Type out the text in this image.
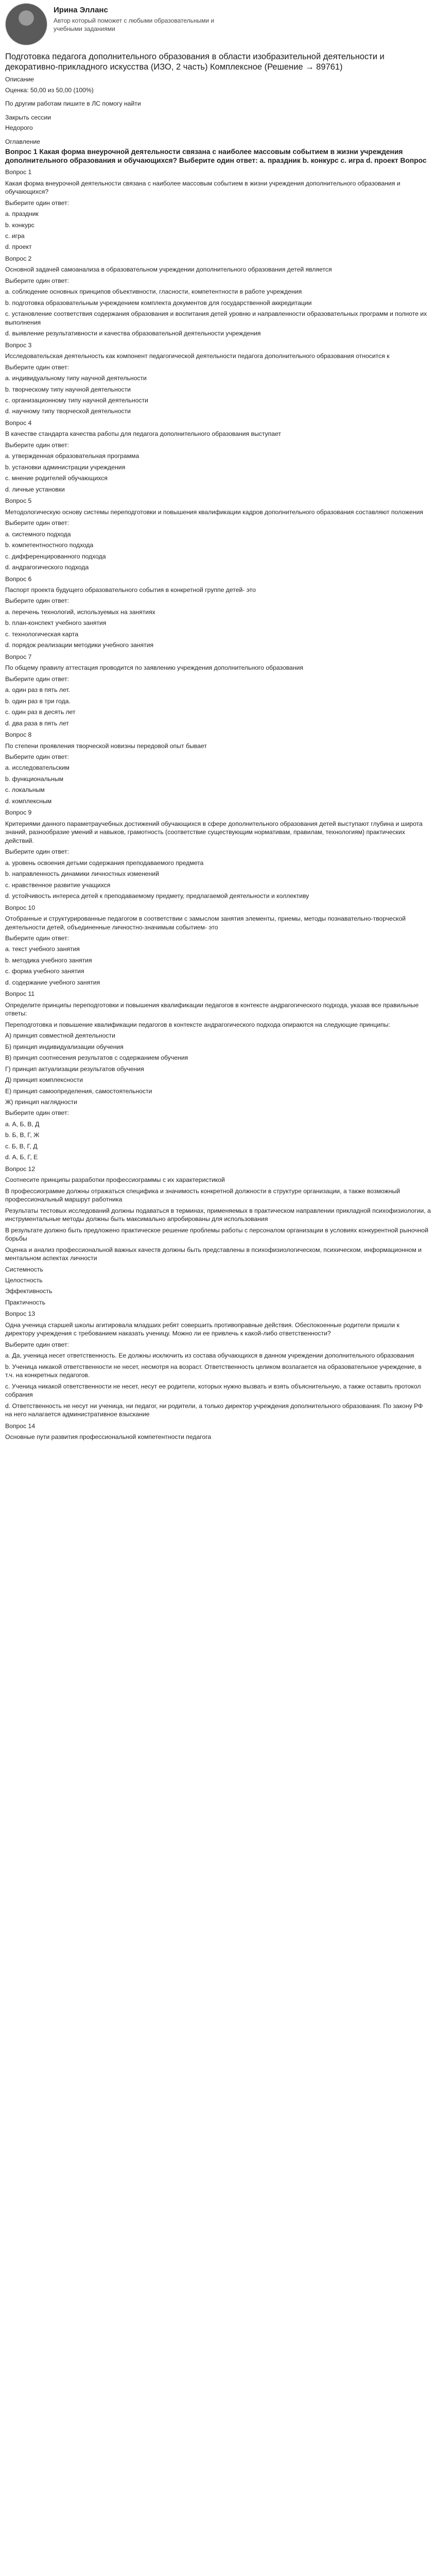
Ирина Элланс
Автор который поможет с любыми образовательными и учебными заданиями
Подготовка педагога дополнительного образования в области изобразительной деятельности и декоративно-прикладного искусства (ИЗО, 2 часть) Комплексное (Решение → 89761)
Описание
Оценка: 50,00 из 50,00 (100%)
По другим работам пишите в ЛС помогу найти
Закрыть сессии
Недорого
Оглавление
Вопрос 1 Какая форма внеурочной деятельности связана с наиболее массовым событием в жизни учреждения дополнительного образования и обучающихся? Выберите один ответ: a. праздник b. конкурс c. игра d. проект Вопрос
Вопрос 1
Какая форма внеурочной деятельности связана с наиболее массовым событием в жизни учреждения дополнительного образования и обучающихся?
Выберите один ответ:
a. праздник
b. конкурс
c. игра
d. проект
Вопрос 2
Основной задачей самоанализа в образовательном учреждении дополнительного образования детей является
Выберите один ответ:
a. соблюдение основных принципов объективности, гласности, компетентности в работе учреждения
b. подготовка образовательным учреждением комплекта документов для государственной аккредитации
c. установление соответствия содержания образования и воспитания детей уровню и направленности образовательных программ и полноте их выполнения
d. выявление результативности и качества образовательной деятельности учреждения
Вопрос 3
Исследовательская деятельность как компонент педагогической деятельности педагога дополнительного образования относится к
Выберите один ответ:
a. индивидуальному типу научной деятельности
b. творческому типу научной деятельности
c. организационному типу научной деятельности
d. научному типу творческой деятельности
Вопрос 4
В качестве стандарта качества работы для педагога дополнительного образования выступает
Выберите один ответ:
a. утвержденная образовательная программа
b. установки администрации учреждения
c. мнение родителей обучающихся
d. личные установки
Вопрос 5
Методологическую основу системы переподготовки и повышения квалификации кадров дополнительного образования составляют положения
Выберите один ответ:
a. системного подхода
b. компетентностного подхода
c. дифференцированного подхода
d. андрагогического подхода
Вопрос 6
Паспорт проекта будущего образовательного события в конкретной группе детей- это
Выберите один ответ:
a. перечень технологий, используемых на занятиях
b. план-конспект учебного занятия
c. технологическая карта
d. порядок реализации методики учебного занятия
Вопрос 7
По общему правилу аттестация проводится по заявлению учреждения дополнительного образования
Выберите один ответ:
a. один раз в пять лет.
b. один раз в три года.
c. один раз в десять лет
d. два раза в пять лет
Вопрос 8
По степени проявления творческой новизны передовой опыт бывает
Выберите один ответ:
a. исследовательским
b. функциональным
c. локальным
d. комплексным
Вопрос 9
Критериями данного параметраучебных достижений обучающихся в сфере дополнительного образования детей выступают глубина и широта знаний, разнообразие умений и навыков, грамотность (соответствие существующим нормативам, правилам, технологиям) практических действий.
Выберите один ответ:
a. уровень освоения детьми содержания преподаваемого предмета
b. направленность динамики личностных изменений
c. нравственное развитие учащихся
d. устойчивость интереса детей к преподаваемому предмету, предлагаемой деятельности и коллективу
Вопрос 10
Отобранные и структурированные педагогом в соответствии с замыслом занятия элементы, приемы, методы познавательно-творческой деятельности детей, объединенные личностно-значимым событием- это
Выберите один ответ:
a. текст учебного занятия
b. методика учебного занятия
c. форма учебного занятия
d. содержание учебного занятия
Вопрос 11
Определите принципы переподготовки и повышения квалификации педагогов в контексте андрагогического подхода, указав все правильные ответы:
Переподготовка и повышение квалификации педагогов в контексте андрагогического подхода опираются на следующие принципы:
А) принцип совместной деятельности
Б) принцип индивидуализации обучения
В) принцип соотнесения результатов с содержанием обучения
Г) принцип актуализации результатов обучения
Д) принцип комплексности
Е) принцип самоопределения, самостоятельности
Ж) принцип наглядности
Выберите один ответ:
a. А, Б, В, Д
b. Б, В, Г, Ж
c. Б, В, Г, Д
d. А, Б, Г, Е
Вопрос 12
Соотнесите принципы разработки профессиограммы с их характеристикой
В профессиограмме должны отражаться специфика и значимость конкретной должности в структуре организации, а также возможный профессиональный маршрут работника
Результаты тестовых исследований должны подаваться в терминах, применяемых в практическом направлении прикладной психофизиологии, а инструментальные методы должны быть максимально апробированы для использования
В результате должно быть предложено практическое решение проблемы работы с персоналом организации в условиях конкурентной рыночной борьбы
Оценка и анализ профессиональной важных качеств должны быть представлены в психофизиологическом, психическом, информационном и ментальном аспектах личности
Системность
Целостность
Эффективность
Практичность
Вопрос 13
Одна ученица старшей школы агитировала младших ребят совершить противоправные действия. Обеспокоенные родители пришли к директору учреждения с требованием наказать ученицу. Можно ли ее привлечь к какой-либо ответственности?
Выберите один ответ:
a. Да, ученица несет ответственность. Ее должны исключить из состава обучающихся в данном учреждении дополнительного образования
b. Ученица никакой ответственности не несет, несмотря на возраст. Ответственность целиком возлагается на образовательное учреждение, в т.ч. на конкретных педагогов.
c. Ученица никакой ответственности не несет, несут ее родители, которых нужно вызвать и взять объяснительную, а также оставить протокол собрания
d. Ответственность не несут ни ученица, ни педагог, ни родители, а только директор учреждения дополнительного образования. По закону РФ на него налагается административное взыскание
Вопрос 14
Основные пути развития профессиональной компетентности педагога
